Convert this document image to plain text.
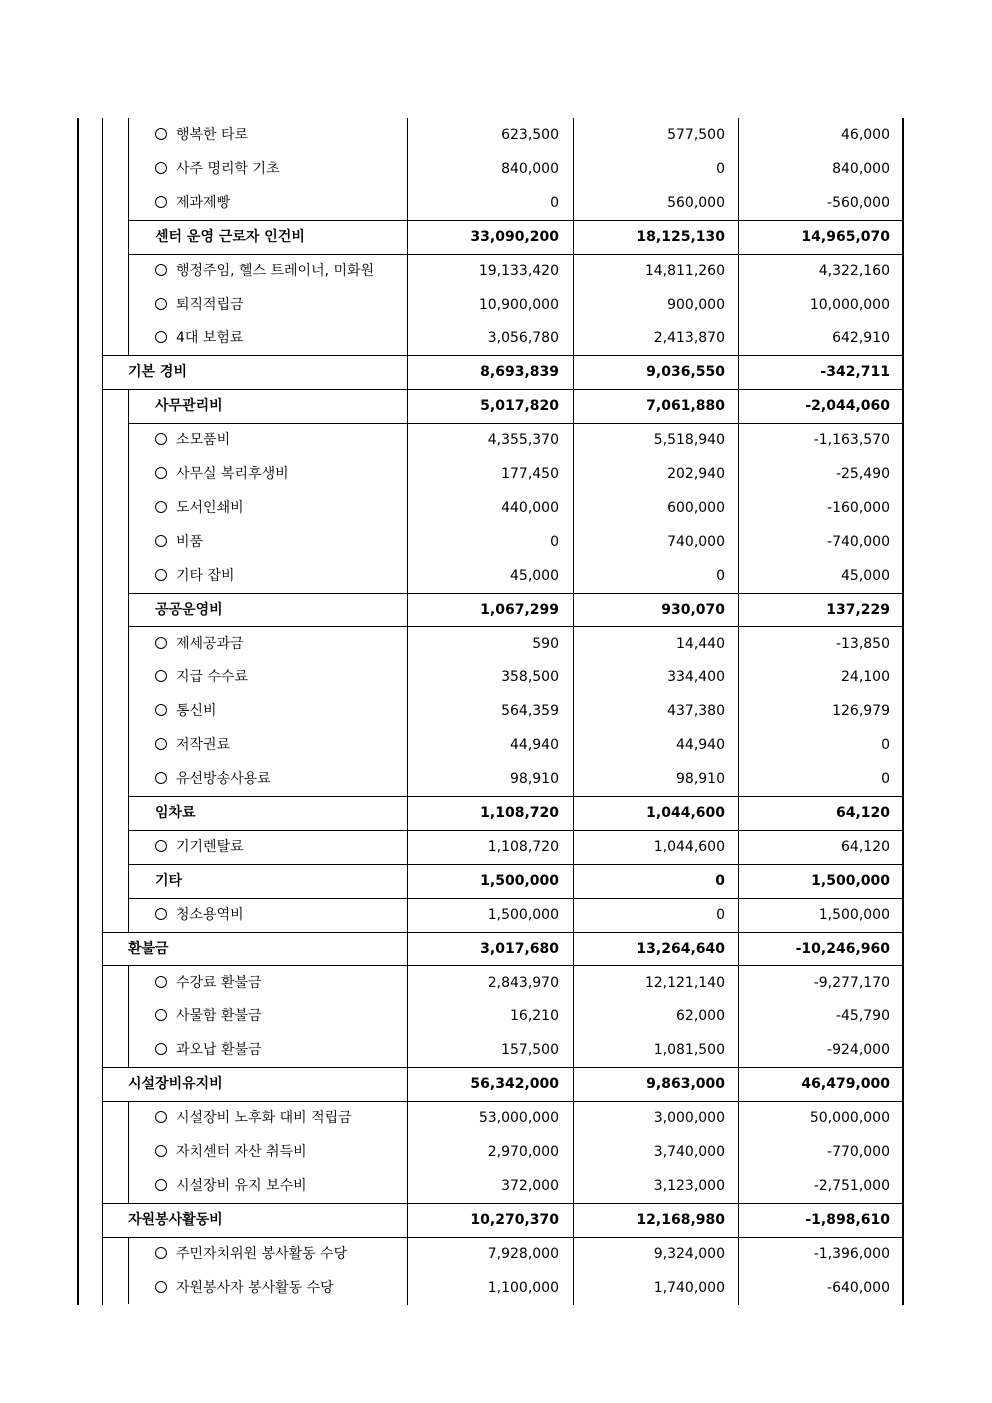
행복한 타로	623,500	577,500	46,000
사주 명리학 기초	840,000	0	840,000
제과제빵	0	560,000	-560,000
센터 운영 근로자 인건비	33,090,200	18,125,130	14,965,070
행정주임, 헬스 트레이너, 미화원	19,133,420	14,811,260	4,322,160
퇴직적립금	10,900,000	900,000	10,000,000
4대 보험료	3,056,780	2,413,870	642,910
기본 경비	8,693,839	9,036,550	-342,711
사무관리비	5,017,820	7,061,880	-2,044,060
소모품비	4,355,370	5,518,940	-1,163,570
사무실 복리후생비	177,450	202,940	-25,490
도서인쇄비	440,000	600,000	-160,000
비품	0	740,000	-740,000
기타 잡비	45,000	0	45,000
공공운영비	1,067,299	930,070	137,229
제세공과금	590	14,440	-13,850
지급 수수료	358,500	334,400	24,100
통신비	564,359	437,380	126,979
저작권료	44,940	44,940	0
유선방송사용료	98,910	98,910	0
임차료	1,108,720	1,044,600	64,120
기기렌탈료	1,108,720	1,044,600	64,120
기타	1,500,000	0	1,500,000
청소용역비	1,500,000	0	1,500,000
환불금	3,017,680	13,264,640	-10,246,960
수강료 환불금	2,843,970	12,121,140	-9,277,170
사물함 환불금	16,210	62,000	-45,790
과오납 환불금	157,500	1,081,500	-924,000
시설장비유지비	56,342,000	9,863,000	46,479,000
시설장비 노후화 대비 적립금	53,000,000	3,000,000	50,000,000
자치센터 자산 취득비	2,970,000	3,740,000	-770,000
시설장비 유지 보수비	372,000	3,123,000	-2,751,000
자원봉사활동비	10,270,370	12,168,980	-1,898,610
주민자치위원 봉사활동 수당	7,928,000	9,324,000	-1,396,000
자원봉사자 봉사활동 수당	1,100,000	1,740,000	-640,000
